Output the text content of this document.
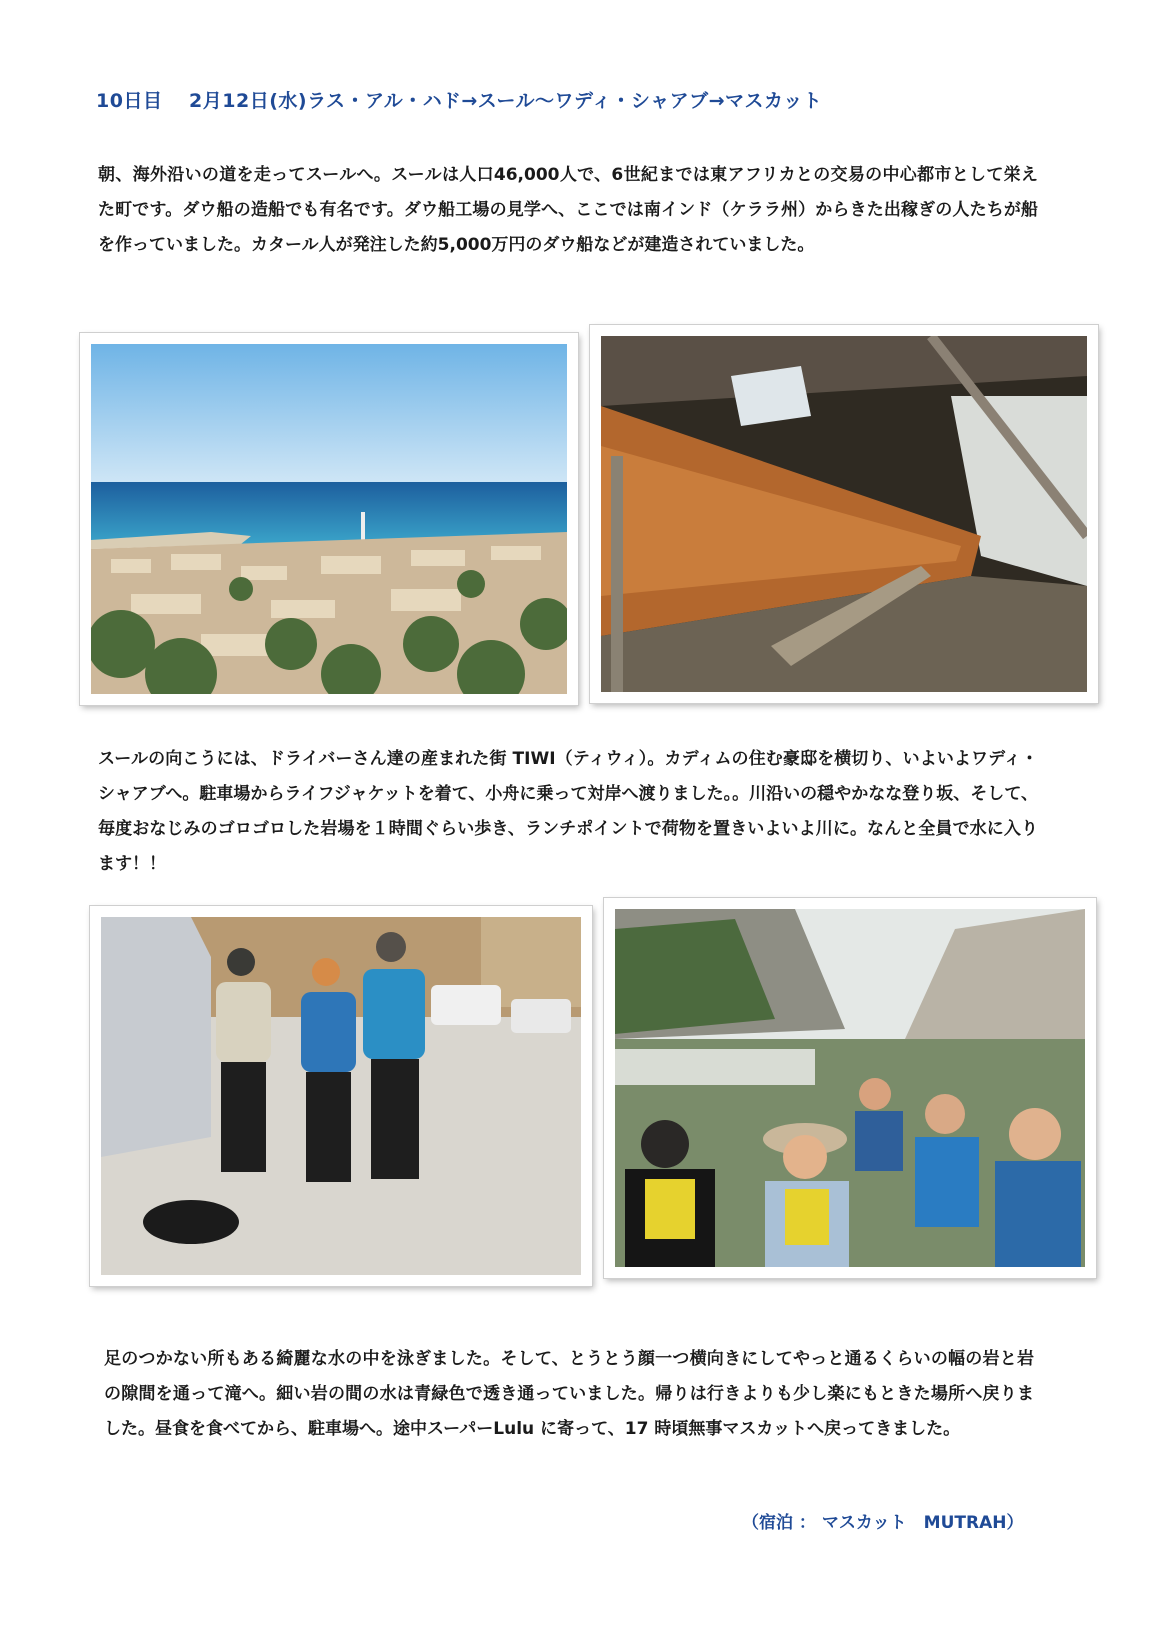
10日目　 2月12日(水)ラス・アル・ハド→スール～ワディ・シャアブ→マスカット

朝、海外沿いの道を走ってスールへ。スールは人口46,000人で、6世紀までは東アフリカとの交易の中心都市として栄えた町です。ダウ船の造船でも有名です。ダウ船工場の見学へ、ここでは南インド（ケララ州）からきた出稼ぎの人たちが船を作っていました。カタール人が発注した約5,000万円のダウ船などが建造されていました。

スールの向こうには、ドライバーさん達の産まれた街 TIWI（ティウィ）。カディムの住む豪邸を横切り、いよいよワディ・シャアブへ。駐車場からライフジャケットを着て、小舟に乗って対岸へ渡りました。。川沿いの穏やかなな登り坂、そして、毎度おなじみのゴロゴロした岩場を１時間ぐらい歩き、ランチポイントで荷物を置きいよいよ川に。なんと全員で水に入ります！！

足のつかない所もある綺麗な水の中を泳ぎました。そして、とうとう顔一つ横向きにしてやっと通るくらいの幅の岩と岩の隙間を通って滝へ。細い岩の間の水は青緑色で透き通っていました。帰りは行きよりも少し楽にもときた場所へ戻りました。昼食を食べてから、駐車場へ。途中スーパーLulu に寄って、17 時頃無事マスカットへ戻ってきました。

（宿泊 ： マスカット　MUTRAH）
